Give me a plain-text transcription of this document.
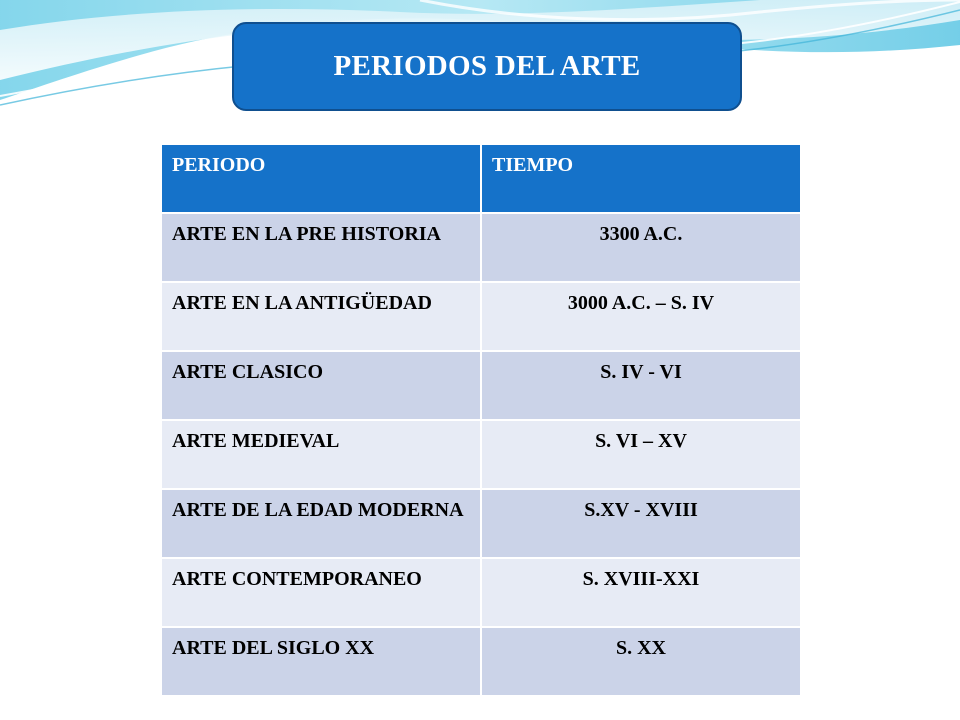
PERIODOS DEL ARTE
PERIODO	TIEMPO
ARTE EN LA PRE HISTORIA	3300 A.C.
ARTE EN LA ANTIGÜEDAD	3000 A.C. – S. IV
ARTE CLASICO	S. IV - VI
ARTE MEDIEVAL	S. VI – XV
ARTE DE LA EDAD MODERNA	S.XV - XVIII
ARTE CONTEMPORANEO	S. XVIII-XXI
ARTE DEL SIGLO XX	S. XX
